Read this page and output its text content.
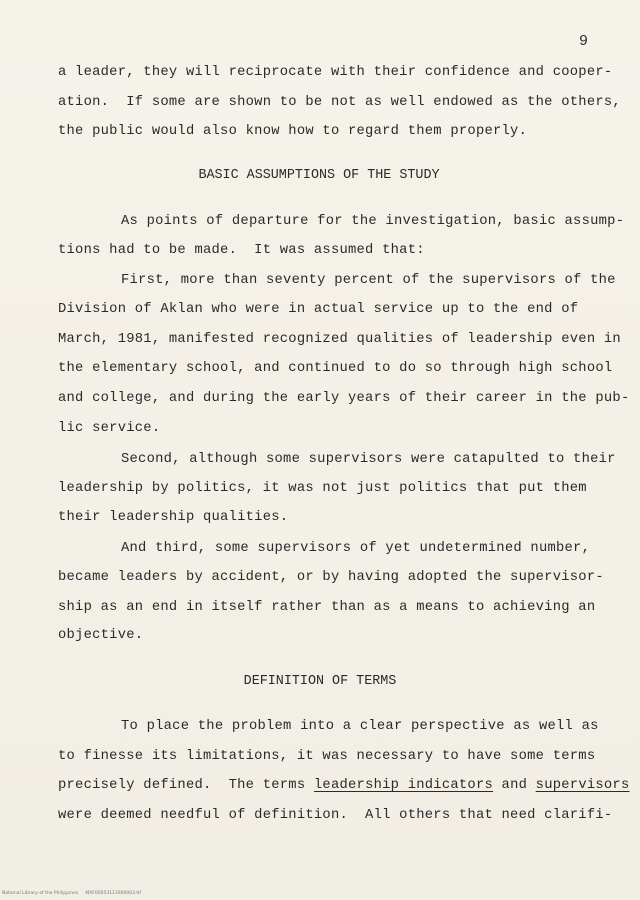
9
a leader, they will reciprocate with their confidence and cooper-
ation.  If some are shown to be not as well endowed as the others,
the public would also know how to regard them properly.
BASIC ASSUMPTIONS OF THE STUDY
As points of departure for the investigation, basic assump-
tions had to be made.  It was assumed that:
First, more than seventy percent of the supervisors of the
Division of Aklan who were in actual service up to the end of
March, 1981, manifested recognized qualities of leadership even in
the elementary school, and continued to do so through high school
and college, and during the early years of their career in the pub-
lic service.
Second, although some supervisors were catapulted to their
leadership by politics, it was not just politics that put them
their leadership qualities.
And third, some supervisors of yet undetermined number,
became leaders by accident, or by having adopted the supervisor-
ship as an end in itself rather than as a means to achieving an
objective.
DEFINITION OF TERMS
To place the problem into a clear perspective as well as
to finesse its limitations, it was necessary to have some terms
precisely defined.  The terms leadership indicators and supervisors
were deemed needful of definition.  All others that need clarifi-
National Library of the Philippines     MAF00053113S00003.tif
